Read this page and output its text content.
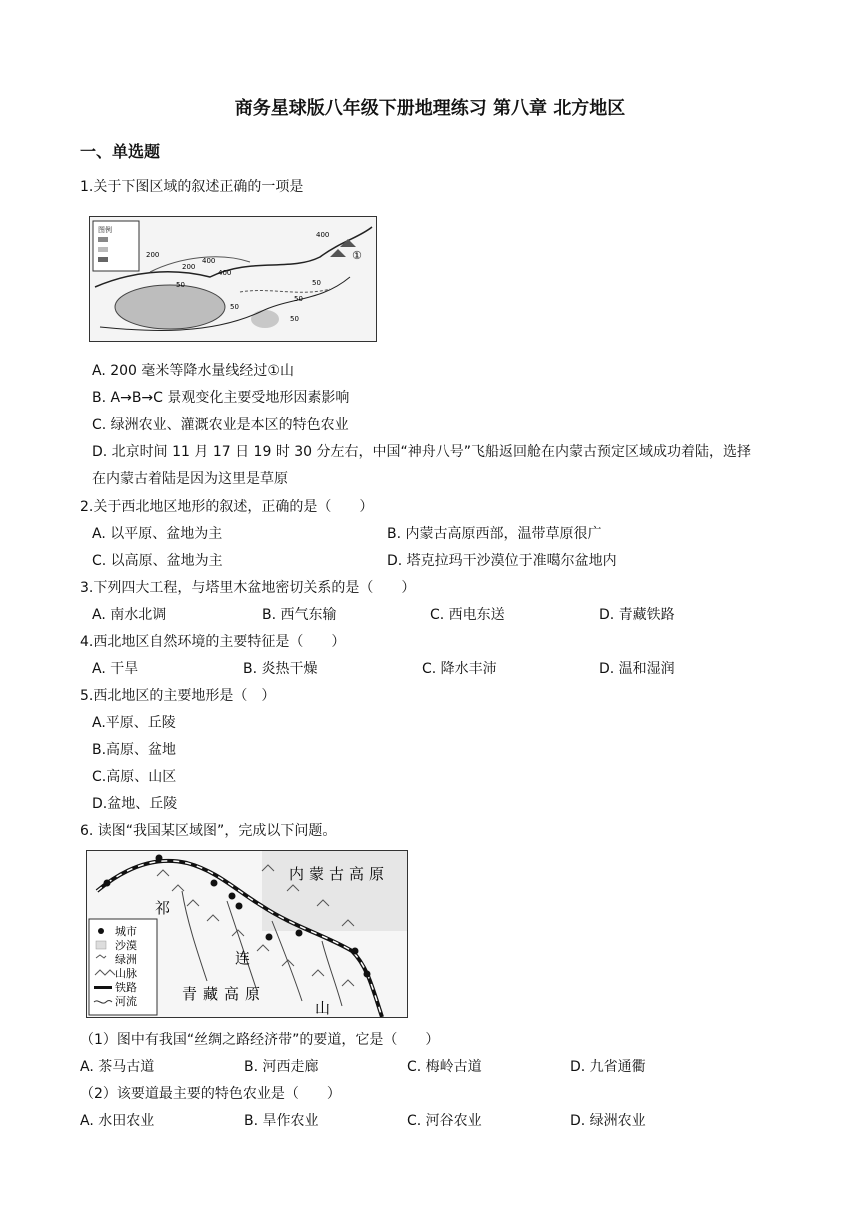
商务星球版八年级下册地理练习 第八章 北方地区
一、单选题
1.关于下图区域的叙述正确的一项是
图例
400
200
400
200
400
50
50
50
50
50
①
A. 200 毫米等降水量线经过①山
B. A→B→C 景观变化主要受地形因素影响
C. 绿洲农业、灌溉农业是本区的特色农业
D. 北京时间 11 月 17 日 19 时 30 分左右，中国“神舟八号”飞船返回舱在内蒙古预定区域成功着陆，选择
在内蒙古着陆是因为这里是草原
2.关于西北地区地形的叙述，正确的是（　　）
A. 以平原、盆地为主	B. 内蒙古高原西部，温带草原很广
C. 以高原、盆地为主	D. 塔克拉玛干沙漠位于准噶尔盆地内
3.下列四大工程，与塔里木盆地密切关系的是（　　）
A. 南水北调	B. 西气东输	C. 西电东送	D. 青藏铁路
4.西北地区自然环境的主要特征是（　　）
A. 干旱	B. 炎热干燥	C. 降水丰沛	D. 温和湿润
5.西北地区的主要地形是（　）
A.平原、丘陵
B.高原、盆地
C.高原、山区
D.盆地、丘陵
6. 读图“我国某区域图”，完成以下问题。
城市
沙漠
绿洲
山脉
铁路
河流
内蒙古高原
青藏高原
祁
连
山
（1）图中有我国“丝绸之路经济带”的要道，它是（　　）
A. 茶马古道	B. 河西走廊	C. 梅岭古道	D. 九省通衢
（2）该要道最主要的特色农业是（　　）
A. 水田农业	B. 旱作农业	C. 河谷农业	D. 绿洲农业
